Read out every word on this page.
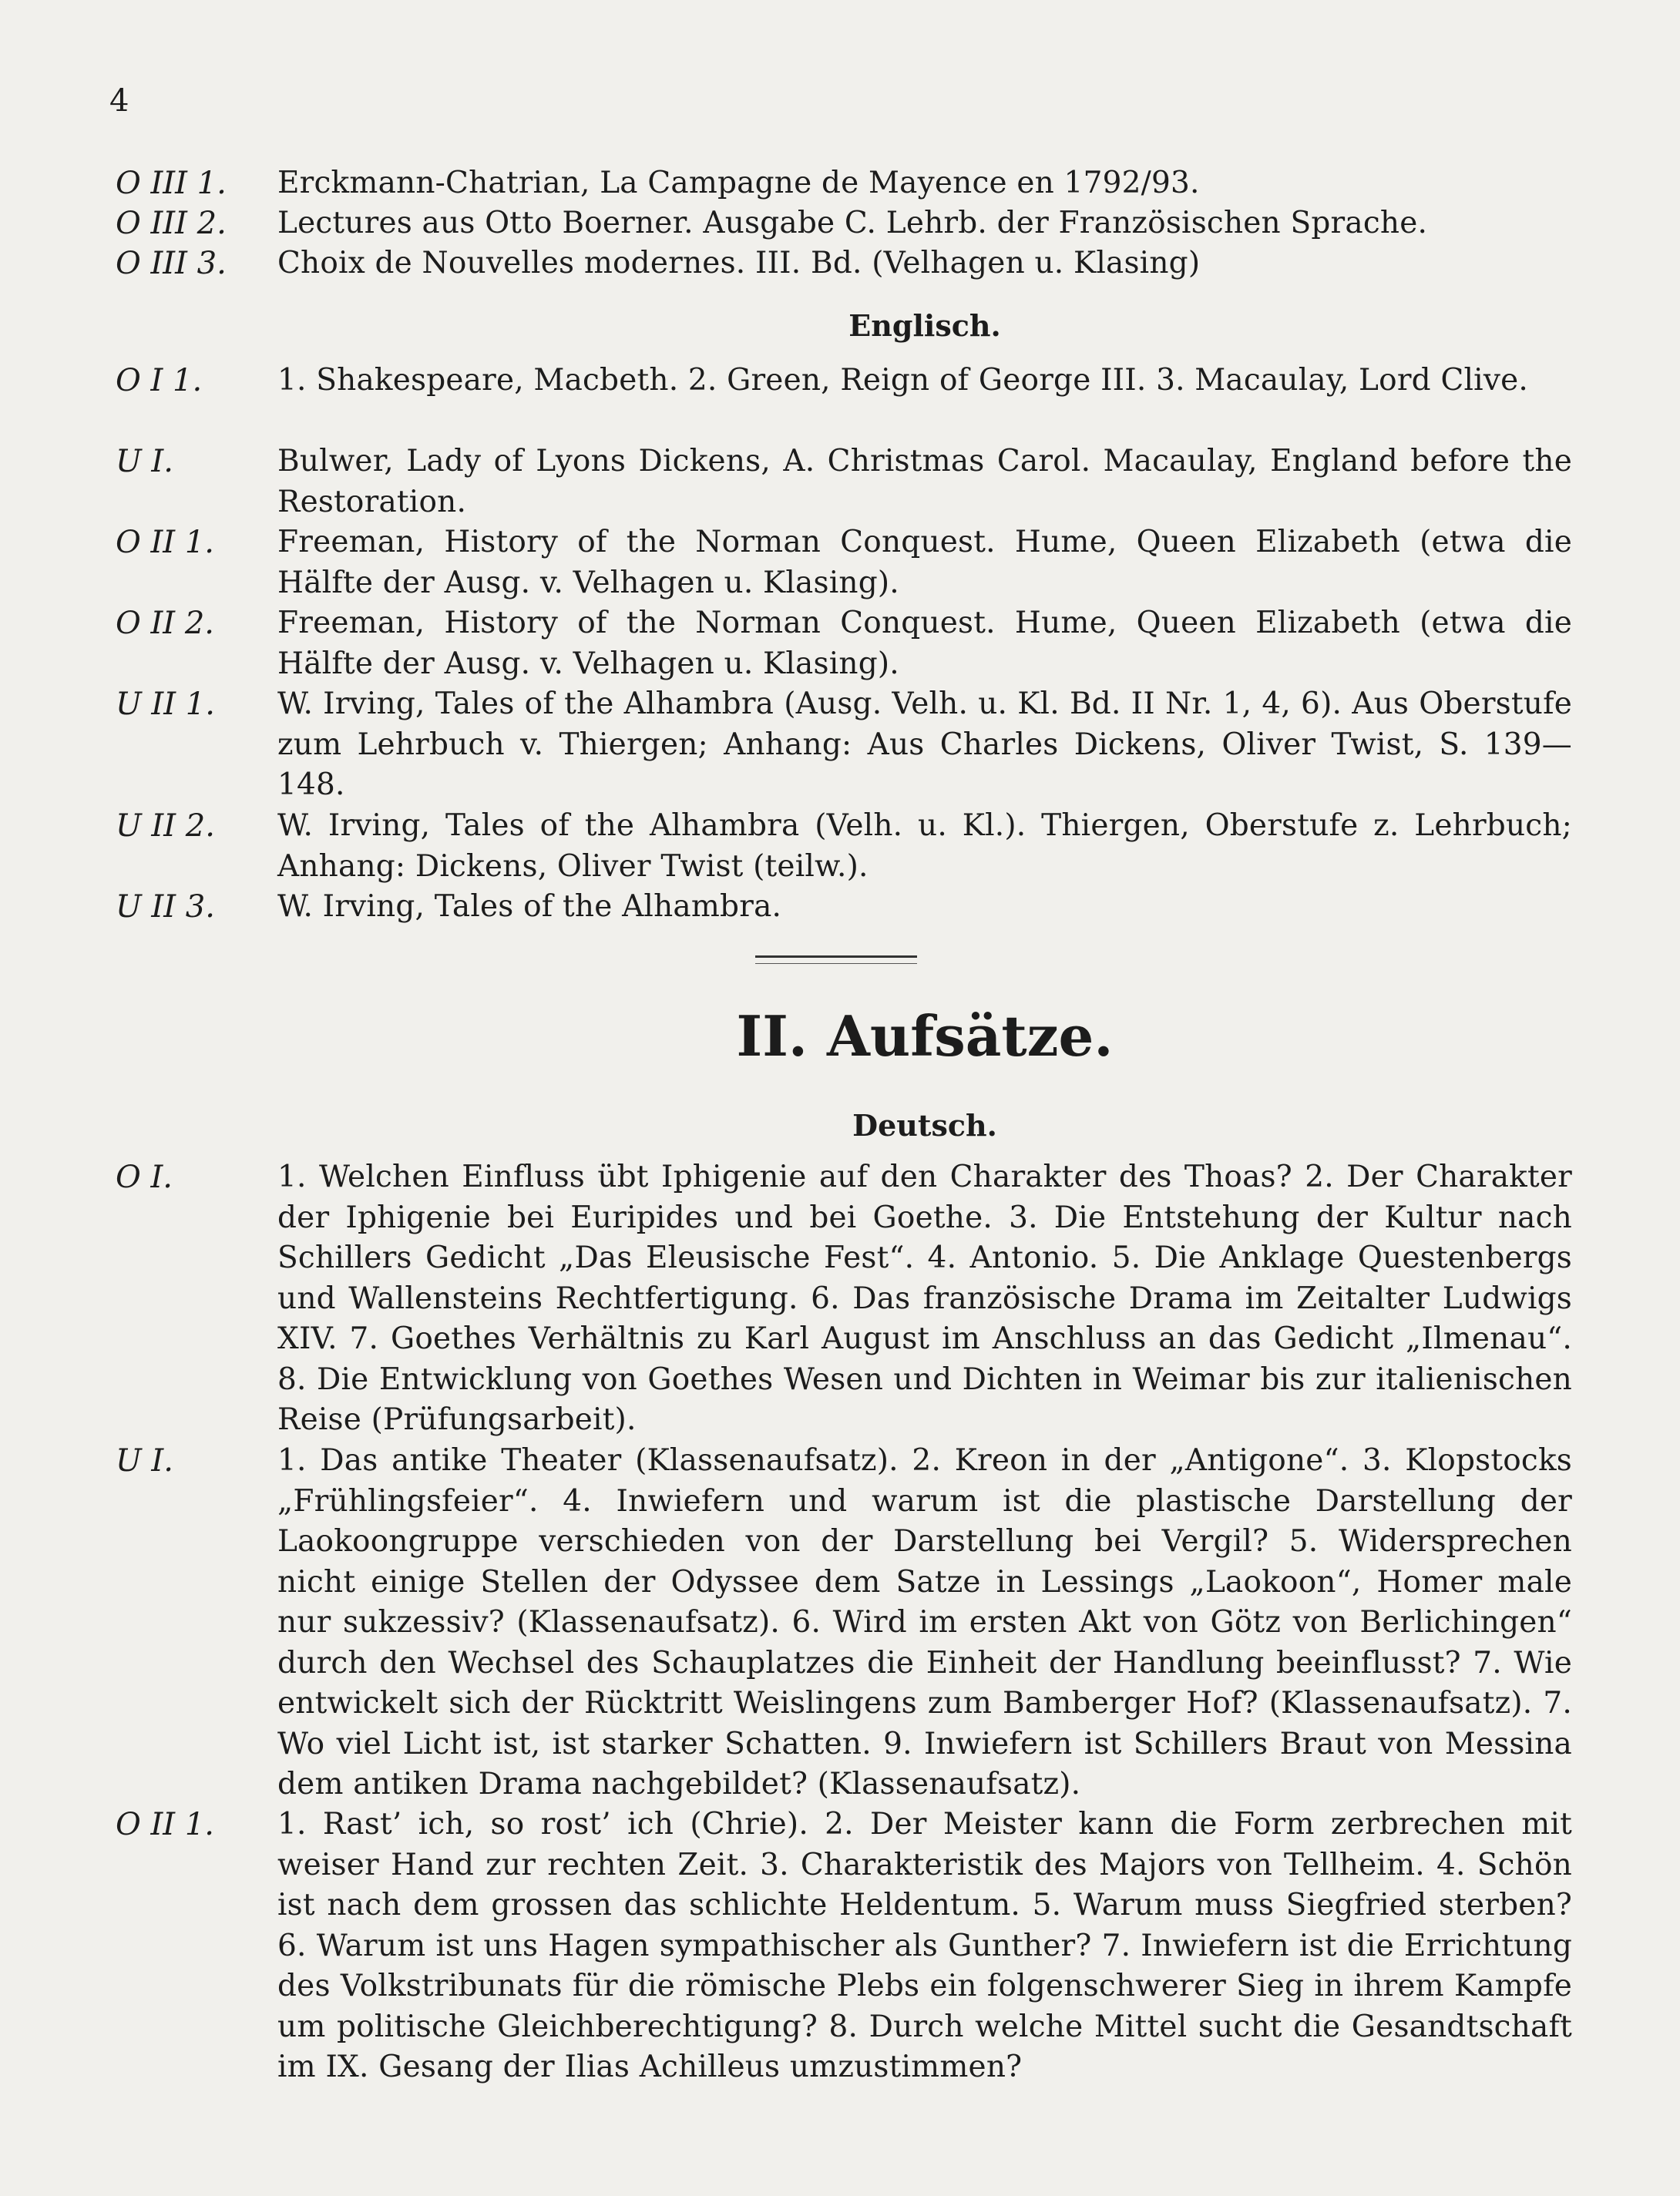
4
O III 1.	Erckmann-Chatrian, La Campagne de Mayence en 1792/93.
O III 2.	Lectures aus Otto Boerner. Ausgabe C. Lehrb. der Französischen Sprache.
O III 3.	Choix de Nouvelles modernes. III. Bd. (Velhagen u. Klasing)
Englisch.
O I 1.	1. Shakespeare, Macbeth. 2. Green, Reign of George III. 3. Macaulay, Lord Clive.
U I.	Bulwer, Lady of Lyons Dickens, A. Christmas Carol. Macaulay, England before the Restoration.
O II 1.	Freeman, History of the Norman Conquest. Hume, Queen Elizabeth (etwa die Hälfte der Ausg. v. Velhagen u. Klasing).
O II 2.	Freeman, History of the Norman Conquest. Hume, Queen Elizabeth (etwa die Hälfte der Ausg. v. Velhagen u. Klasing).
U II 1.	W. Irving, Tales of the Alhambra (Ausg. Velh. u. Kl. Bd. II Nr. 1, 4, 6). Aus Oberstufe zum Lehrbuch v. Thiergen; Anhang: Aus Charles Dickens, Oliver Twist, S. 139—148.
U II 2.	W. Irving, Tales of the Alhambra (Velh. u. Kl.). Thiergen, Oberstufe z. Lehrbuch; Anhang: Dickens, Oliver Twist (teilw.).
U II 3.	W. Irving, Tales of the Alhambra.
II. Aufsätze.
Deutsch.
O I.	1. Welchen Einfluss übt Iphigenie auf den Charakter des Thoas? 2. Der Charakter der Iphigenie bei Euripides und bei Goethe. 3. Die Entstehung der Kultur nach Schillers Gedicht „Das Eleusische Fest“. 4. Antonio. 5. Die Anklage Questenbergs und Wallensteins Rechtfertigung. 6. Das französische Drama im Zeitalter Ludwigs XIV. 7. Goethes Verhältnis zu Karl August im Anschluss an das Gedicht „Ilmenau“. 8. Die Entwicklung von Goethes Wesen und Dichten in Weimar bis zur italienischen Reise (Prüfungsarbeit).
U I.	1. Das antike Theater (Klassenaufsatz). 2. Kreon in der „Antigone“. 3. Klopstocks „Frühlingsfeier“. 4. Inwiefern und warum ist die plastische Darstellung der Laokoongruppe verschieden von der Darstellung bei Vergil? 5. Widersprechen nicht einige Stellen der Odyssee dem Satze in Lessings „Laokoon“, Homer male nur sukzessiv? (Klassenaufsatz). 6. Wird im ersten Akt von Götz von Berlichingen“ durch den Wechsel des Schauplatzes die Einheit der Handlung beeinflusst? 7. Wie entwickelt sich der Rücktritt Weislingens zum Bamberger Hof? (Klassenaufsatz). 7. Wo viel Licht ist, ist starker Schatten. 9. Inwiefern ist Schillers Braut von Messina dem antiken Drama nachgebildet? (Klassenaufsatz).
O II 1.	1. Rast’ ich, so rost’ ich (Chrie). 2. Der Meister kann die Form zerbrechen mit weiser Hand zur rechten Zeit. 3. Charakteristik des Majors von Tellheim. 4. Schön ist nach dem grossen das schlichte Heldentum. 5. Warum muss Siegfried sterben? 6. Warum ist uns Hagen sympathischer als Gunther? 7. Inwiefern ist die Errichtung des Volkstribunats für die römische Plebs ein folgenschwerer Sieg in ihrem Kampfe um politische Gleichberechtigung? 8. Durch welche Mittel sucht die Gesandtschaft im IX. Gesang der Ilias Achilleus umzustimmen?
